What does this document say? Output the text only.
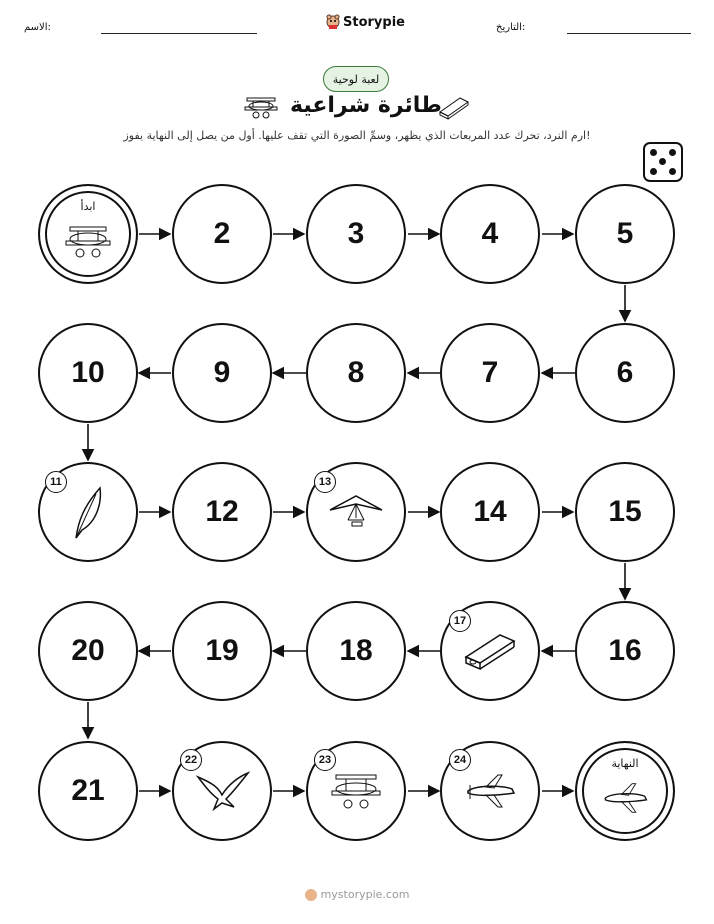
الاسم:	Storypie	التاريخ:
لعبة لوحية
طائرة شراعية
ارم النرد، تحرك عدد المربعات الذي يظهر، وسمِّ الصورة التي تقف عليها. أول من يصل إلى النهاية يفوز!
ابدأ
2	3	4	5
6
7
8
9
10
11
12
13
14	15
16
17
18
19
20
21
22	23	24	النهاية
mystorypie.com
